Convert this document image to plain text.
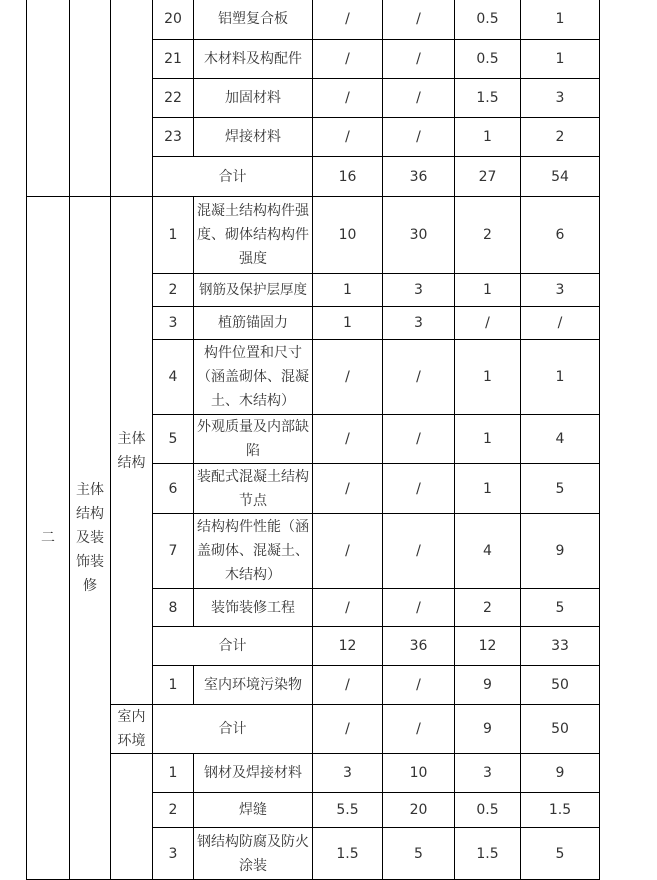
			20	铝塑复合板	/	/	0.5	1
			21	木材料及构配件	/	/	0.5	1
			22	加固材料	/	/	1.5	3
			23	焊接材料	/	/	1	2
			合计		16	36	27	54
二	主体结构及装饰装修	主体结构	1	混凝土结构构件强度、砌体结构构件强度	10	30	2	6
			2	钢筋及保护层厚度	1	3	1	3
			3	植筋锚固力	1	3	/	/
			4	构件位置和尺寸（涵盖砌体、混凝土、木结构）	/	/	1	1
			5	外观质量及内部缺陷	/	/	1	4
			6	装配式混凝土结构节点	/	/	1	5
			7	结构构件性能（涵盖砌体、混凝土、木结构）	/	/	4	9
			8	装饰装修工程	/	/	2	5
			合计		12	36	12	33
			1	室内环境污染物	/	/	9	50
		室内环境	合计		/	/	9	50
			1	钢材及焊接材料	3	10	3	9
			2	焊缝	5.5	20	0.5	1.5
			3	钢结构防腐及防火涂装	1.5	5	1.5	5
